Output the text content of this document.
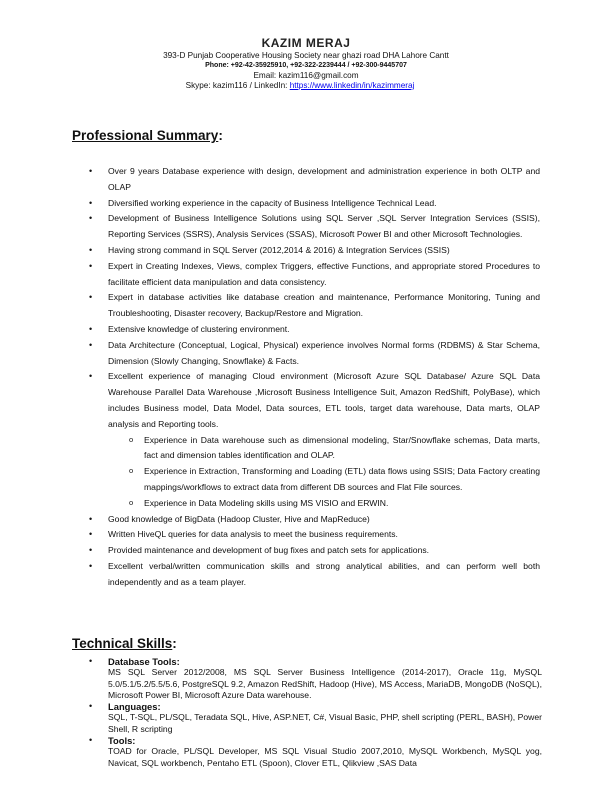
KAZIM MERAJ
393-D Punjab Cooperative Housing Society near ghazi road DHA Lahore Cantt
Phone: +92-42-35925910, +92-322-2239444 / +92-300-9445707
Email: kazim116@gmail.com
Skype: kazim116 / LinkedIn: https://www.linkedin/in/kazimmeraj
Professional Summary:
• Over 9 years Database experience with design, development and administration experience in both OLTP and OLAP
• Diversified working experience in the capacity of Business Intelligence Technical Lead.
• Development of Business Intelligence Solutions using SQL Server ,SQL Server Integration Services (SSIS), Reporting Services (SSRS), Analysis Services (SSAS), Microsoft Power BI and other Microsoft Technologies.
• Having strong command in SQL Server (2012,2014 & 2016) & Integration Services (SSIS)
• Expert in Creating Indexes, Views, complex Triggers, effective Functions, and appropriate stored Procedures to facilitate efficient data manipulation and data consistency.
• Expert in database activities like database creation and maintenance, Performance Monitoring, Tuning and Troubleshooting, Disaster recovery, Backup/Restore and Migration.
• Extensive knowledge of clustering environment.
• Data Architecture (Conceptual, Logical, Physical) experience involves Normal forms (RDBMS) & Star Schema, Dimension (Slowly Changing, Snowflake) & Facts.
• Excellent experience of managing Cloud environment (Microsoft Azure SQL Database/ Azure SQL Data Warehouse Parallel Data Warehouse ,Microsoft Business Intelligence Suit, Amazon RedShift, PolyBase), which includes Business model, Data Model, Data sources, ETL tools, target data warehouse, Data marts, OLAP analysis and Reporting tools.
o Experience in Data warehouse such as dimensional modeling, Star/Snowflake schemas, Data marts, fact and dimension tables identification and OLAP.
o Experience in Extraction, Transforming and Loading (ETL) data flows using SSIS; Data Factory creating mappings/workflows to extract data from different DB sources and Flat File sources.
o Experience in Data Modeling skills using MS VISIO and ERWIN.
• Good knowledge of BigData (Hadoop Cluster, Hive and MapReduce)
• Written HiveQL queries for data analysis to meet the business requirements.
• Provided maintenance and development of bug fixes and patch sets for applications.
• Excellent verbal/written communication skills and strong analytical abilities, and can perform well both independently and as a team player.
Technical Skills:
• Database Tools:
MS SQL Server 2012/2008, MS SQL Server Business Intelligence (2014-2017), Oracle 11g, MySQL 5.0/5.1/5.2/5.5/5.6, PostgreSQL 9.2, Amazon RedShift, Hadoop (Hive), MS Access, MariaDB, MongoDB (NoSQL), Microsoft Power BI, Microsoft Azure Data warehouse.
• Languages:
SQL, T-SQL, PL/SQL, Teradata SQL, Hive, ASP.NET, C#, Visual Basic, PHP, shell scripting (PERL, BASH), Power Shell, R scripting
• Tools:
TOAD for Oracle, PL/SQL Developer, MS SQL Visual Studio 2007,2010, MySQL Workbench, MySQL yog, Navicat, SQL workbench, Pentaho ETL (Spoon), Clover ETL, Qlikview ,SAS Data
